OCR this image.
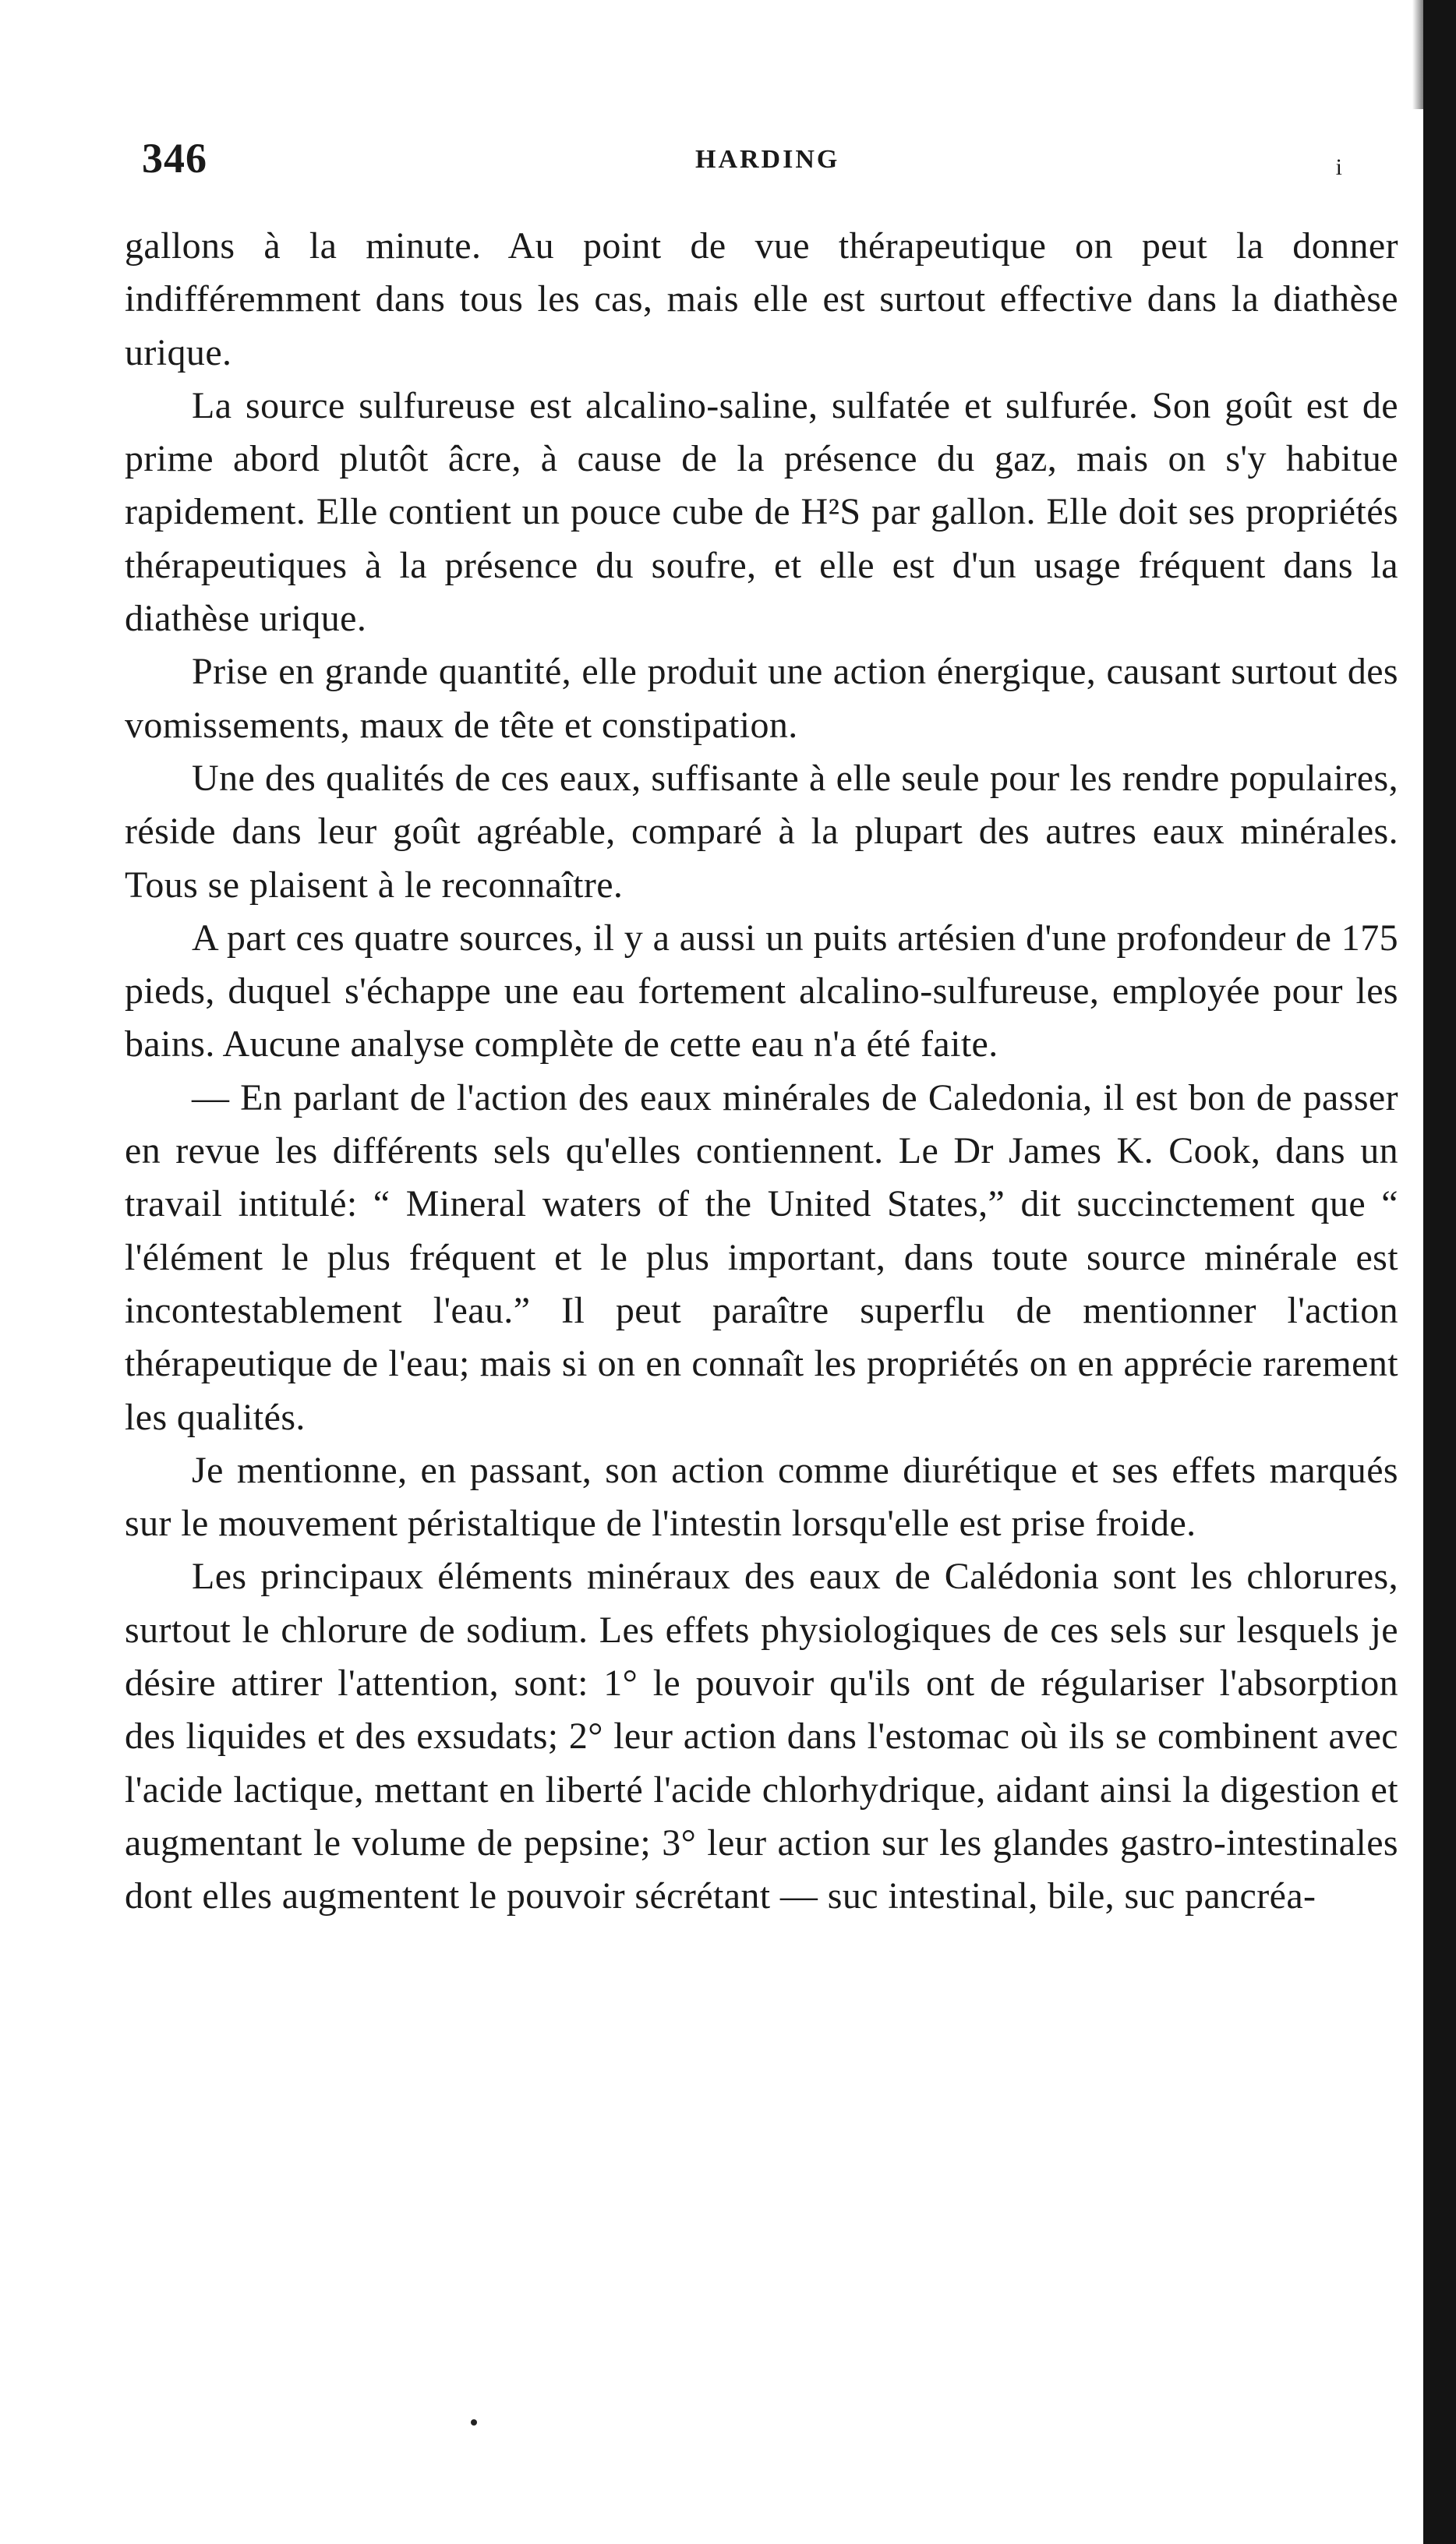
346	HARDING	i

gallons à la minute. Au point de vue thérapeutique on peut la donner indifféremment dans tous les cas, mais elle est surtout effective dans la diathèse urique.

La source sulfureuse est alcalino-saline, sulfatée et sulfurée. Son goût est de prime abord plutôt âcre, à cause de la présence du gaz, mais on s'y habitue rapidement. Elle contient un pouce cube de H²S par gallon. Elle doit ses propriétés thérapeutiques à la présence du soufre, et elle est d'un usage fréquent dans la diathèse urique.

Prise en grande quantité, elle produit une action énergique, causant surtout des vomissements, maux de tête et constipation.

Une des qualités de ces eaux, suffisante à elle seule pour les rendre populaires, réside dans leur goût agréable, comparé à la plupart des autres eaux minérales. Tous se plaisent à le reconnaître.

A part ces quatre sources, il y a aussi un puits artésien d'une profondeur de 175 pieds, duquel s'échappe une eau fortement alcalino-sulfureuse, employée pour les bains. Aucune analyse complète de cette eau n'a été faite.

— En parlant de l'action des eaux minérales de Caledonia, il est bon de passer en revue les différents sels qu'elles contiennent. Le Dr James K. Cook, dans un travail intitulé: “ Mineral waters of the United States,” dit succinctement que “ l'élément le plus fréquent et le plus important, dans toute source minérale est incontestablement l'eau.” Il peut paraître superflu de mentionner l'action thérapeutique de l'eau; mais si on en connaît les propriétés on en apprécie rarement les qualités.

Je mentionne, en passant, son action comme diurétique et ses effets marqués sur le mouvement péristaltique de l'intestin lorsqu'elle est prise froide.

Les principaux éléments minéraux des eaux de Calédonia sont les chlorures, surtout le chlorure de sodium. Les effets physiologiques de ces sels sur lesquels je désire attirer l'attention, sont: 1° le pouvoir qu'ils ont de régulariser l'absorption des liquides et des exsudats; 2° leur action dans l'estomac où ils se combinent avec l'acide lactique, mettant en liberté l'acide chlorhydrique, aidant ainsi la digestion et augmentant le volume de pepsine; 3° leur action sur les glandes gastro-intestinales dont elles augmentent le pouvoir sécrétant — suc intestinal, bile, suc pancréa-
